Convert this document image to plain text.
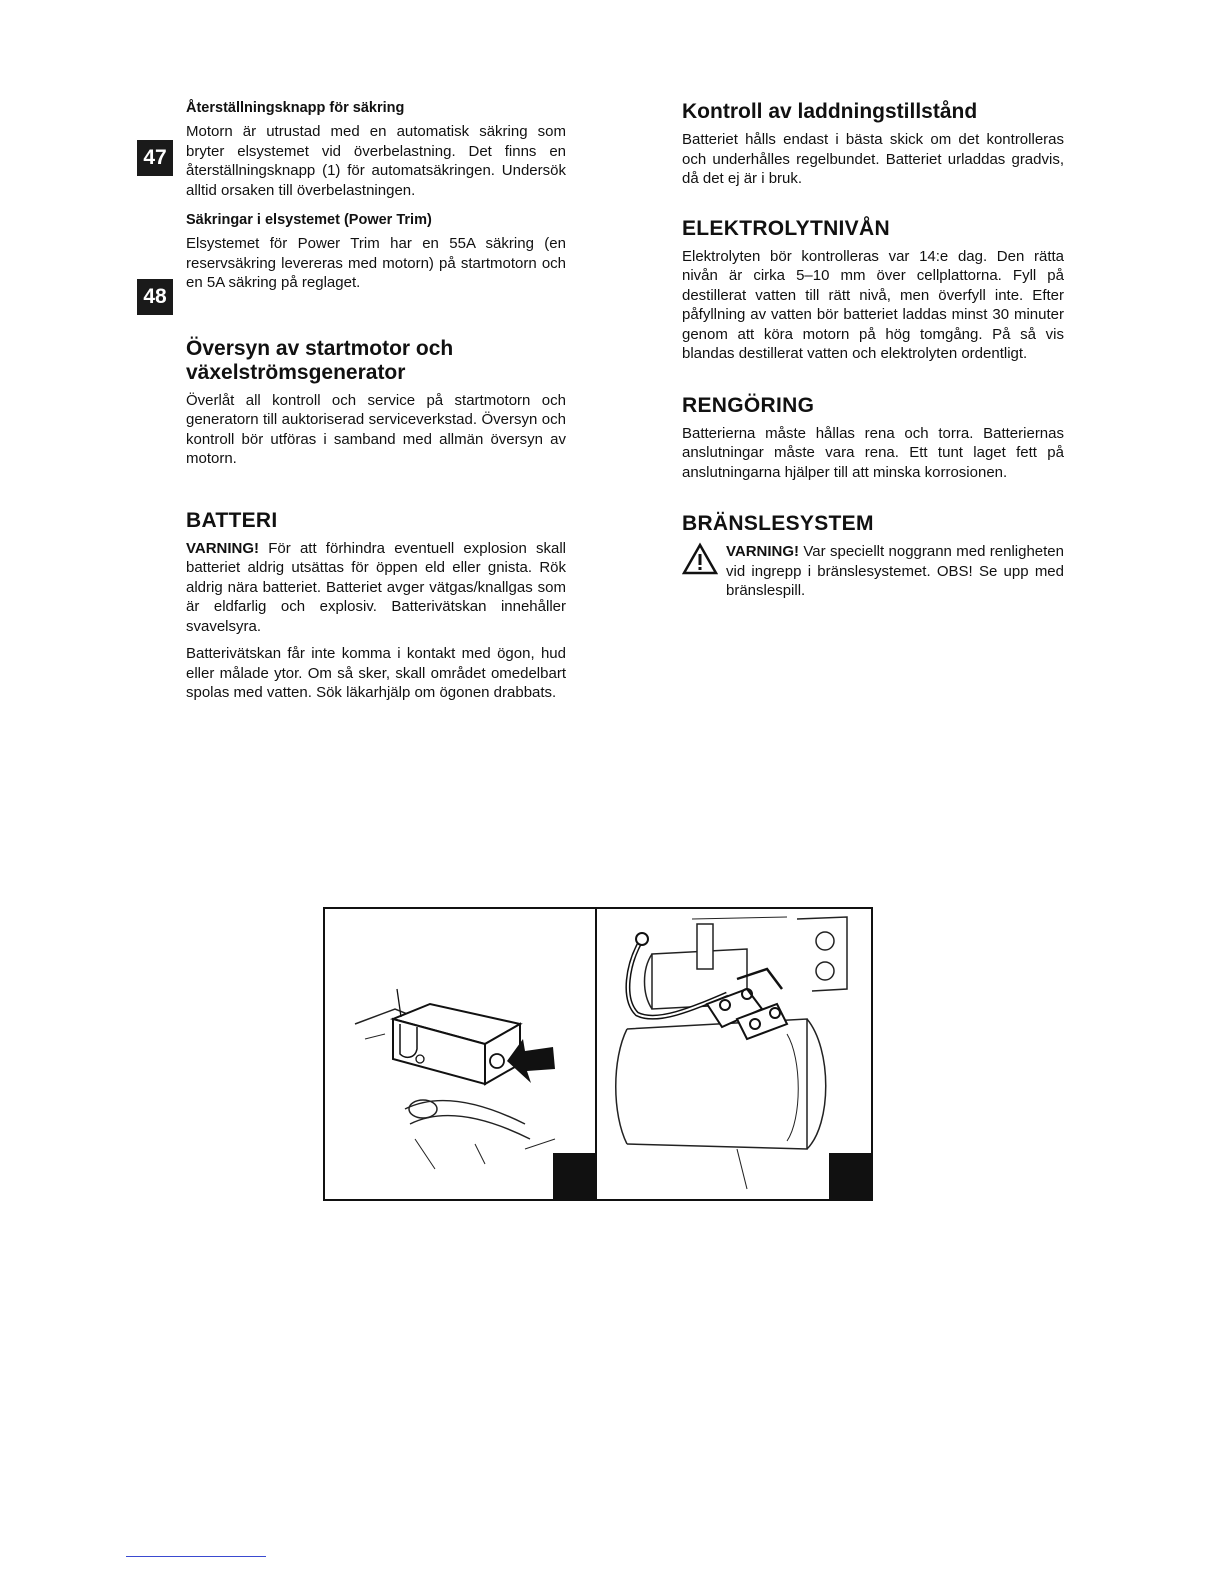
47
48
Återställningsknapp för säkring

Motorn är utrustad med en automatisk säkring som bryter elsystemet vid överbelastning. Det finns en återställningsknapp (1) för automatsäkringen. Undersök alltid orsaken till överbelastningen.

Säkringar i elsystemet (Power Trim)

Elsystemet för Power Trim har en 55A säkring (en reservsäkring levereras med motorn) på startmotorn och en 5A säkring på reglaget.

Översyn av startmotor och växelströmsgenerator

Överlåt all kontroll och service på startmotorn och generatorn till auktoriserad serviceverkstad. Översyn och kontroll bör utföras i samband med allmän översyn av motorn.

BATTERI

VARNING! För att förhindra eventuell explosion skall batteriet aldrig utsättas för öppen eld eller gnista. Rök aldrig nära batteriet. Batteriet avger vätgas/knallgas som är eldfarlig och explosiv. Batterivätskan innehåller svavelsyra.

Batterivätskan får inte komma i kontakt med ögon, hud eller målade ytor. Om så sker, skall området omedelbart spolas med vatten. Sök läkarhjälp om ögonen drabbats.

Kontroll av laddningstillstånd

Batteriet hålls endast i bästa skick om det kontrolleras och underhålles regelbundet. Batteriet urladdas gradvis, då det ej är i bruk.

ELEKTROLYTNIVÅN

Elektrolyten bör kontrolleras var 14:e dag. Den rätta nivån är cirka 5–10 mm över cellplattorna. Fyll på destillerat vatten till rätt nivå, men överfyll inte. Efter påfyllning av vatten bör batteriet laddas minst 30 minuter genom att köra motorn på hög tomgång. På så vis blandas destillerat vatten och elektrolyten ordentligt.

RENGÖRING

Batterierna måste hållas rena och torra. Batteriernas anslutningar måste vara rena. Ett tunt laget fett på anslutningarna hjälper till att minska korrosionen.

BRÄNSLESYSTEM

VARNING! Var speciellt noggrann med renligheten vid ingrepp i bränslesystemet. OBS! Se upp med bränslespill.
